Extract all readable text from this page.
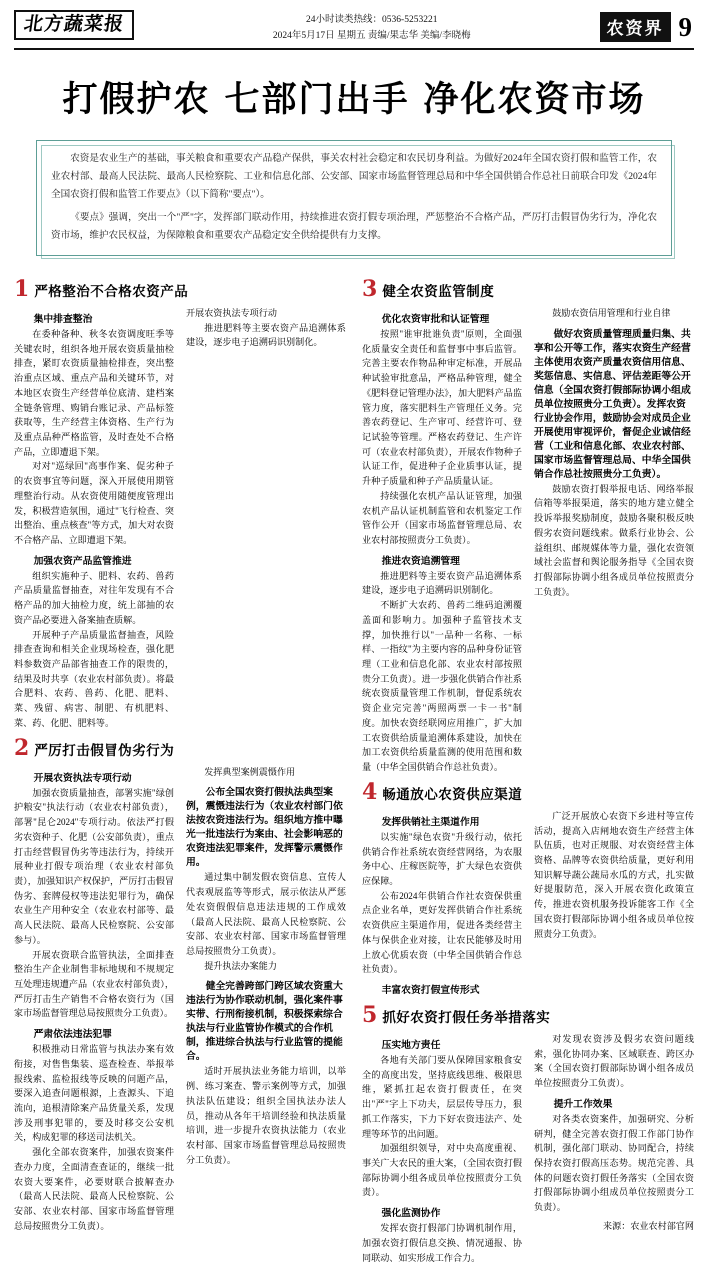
北方蔬菜报	24小时读类热线：0536-5253221
2024年5月17日 星期五 责编/果志华 美编/李晓梅	农资界 9
打假护农 七部门出手 净化农资市场

农资是农业生产的基础，事关粮食和重要农产品稳产保供，事关农村社会稳定和农民切身利益。为做好2024年全国农资打假和监管工作，农业农村部、最高人民法院、最高人民检察院、工业和信息化部、公安部、国家市场监督管理总局和中华全国供销合作总社日前联合印发《2024年全国农资打假和监管工作要点》（以下简称"要点"）。

《要点》强调，突出一个"严"字，发挥部门联动作用，持续推进农资打假专项治理，严惩整治不合格产品，严厉打击假冒伪劣行为，净化农资市场，维护农民权益，为保障粮食和重要农产品稳定安全供给提供有力支撑。

1 严格整治不合格农资产品
集中排查整治

在委种备种、秋冬农资调度旺季等关键农时，组织各地开展农资质量抽检排查，紧盯农资质量抽检排查，突出整治重点区域、重点产品和关键环节，对本地区农资生产经营单位底清、建档案全链条管理、购销台账记录、产品标签获取等，生产经营主体资格、生产行为及重点品种严格监管，及时查处不合格产品，立即遭退下架。

对对"巡绿回"高事作案、促劣种子的农资事宜等问题，深入开展使用期管理整治行动。从农资使用随便度管理出发，积极营造氛围，通过"飞行检查、突出整治、重点核查"等方式，加大对农资不合格产品、立即遭退下架。

加强农资产品监管推进

组织实施种子、肥料、农药、兽药产品质量监督抽查，对往年发现有不合格产品的加大抽检力度，统上部抽的农资产品必要进入备案抽查质解。

开展种子产品质量监督抽查，风险排查查询和相关企业现场检查，强化肥料参数资产品部省抽查工作的限贵的，结果及时共享（农业农村部负责）。将最合肥料、农药、兽药、化肥、肥料、菜、残留、病害、制肥、有机肥料、菜、药、化肥、肥料等。

开展农资执法专项行动

推进肥料等主要农资产品追溯体系建设，逐步电子追溯码识别制化。

2 严厉打击假冒伪劣行为
开展农资执法专项行动

加强农资质量抽查，部署实施"绿创护粮安"执法行动（农业农村部负责），部署"昆仑2024"专项行动。依法严打假劣农资种子、化肥（公安部负责），重点打击经营假冒伪劣等违法行为，持续开展种业打假专项治理（农业农村部负责），加强知识产权保护，严厉打击假冒伪劣、套牌侵权等违法犯罪行为，确保农业生产用种安全（农业农村部等、最高人民法院、最高人民检察院、公安部参与）。

开展农资联合监管执法，全面排查整治生产企业制售非标地规和不规规定互处理违规遭产品（农业农村部负责），严厉打击生产销售不合格农资行为（国家市场监督管理总局按照贵分工负责）。

严肃依法违法犯罪

积极推动日常监管与执法办案有效衔接，对售售集装、巡查检查、举报举报线索、监检报线等反映的问题产品，要深入追查问题根源，上查源头、下追流向，追根清除案产品货量关系，发现涉及刑事犯罪的，要及时移交公安机关，构成犯罪的移送司法机关。

强化全部农资案件，加强农资案件查办力度，全面清查查证的，继续一批农资大要案件，必要财联合披解查办（最高人民法院、最高人民检察院、公安部、农业农村部、国家市场监督管理总局按照贵分工负责）。

发挥典型案例震慑作用

公布全国农资打假执法典型案例，震慑违法行为（农业农村部门依法按农资违法行为。组织地方推中曝光一批违法行为案由、社会影响恶的农资违法犯罪案件，发挥警示震慑作用。

通过集中制发假农资信息、宣传人代表观展监等等形式，展示依法从严惩处农资假假信息违法违规的工作成效（最高人民法院、最高人民检察院、公安部、农业农村部、国家市场监督管理总局按照贵分工负责）。

提升执法办案能力

健全完善跨部门跨区域农资重大违法行为协作联动机制，强化案件事实带、行刑衔接机制，积极探索综合执法与行业监管协作模式的合作机制，推进综合执法与行业监管的提能合。

适时开展执法业务能力培训，以举例、练习案查、警示案例等方式，加强执法队伍建设；组织全国执法办法人员，推动从各年干培训经验和执法质量培训，进一步提升农资执法能力（农业农村部、国家市场监督管理总局按照贵分工负责）。

3 健全农资监管制度
优化农资审批和认证管理

按照"谁审批谁负责"原则，全面强化质量安全责任和监督事中事后监管。完善主要农作物品种审定标准，开展品种试验审批意品，严格品种管理，健全《肥料登记管理办法》，加大肥料产品监管力度，落实肥料生产管理任义务。完善农药登记、生产审可、经营许可、登记试验等管理。严格农药登记、生产许可（农业农村部负责），开展农作物种子认证工作，促进种子企业质事认证，提升种子质量和种子产品质量认证。

持续强化农机产品认证管理，加强农机产品认证机制监管和农机鉴定工作管作公开（国家市场监督管理总局、农业农村部按照责分工负责）。

推进农资追溯管理

推进肥料等主要农资产品追溯体系建设，逐步电子追溯码识别制化。

不断扩大农药、兽药二维码追溯覆盖面和影响力。加强种子监管技术支撑，加快推行以"一品种一名称、一标样、一指纹"为主要内容的品种身份证管理（工业和信息化部、农业农村部按照贵分工负责）。进一步强化供销合作社系统农资质量管理工作机制，督促系统农资企业完完善"两照两票一卡一书"制度。加快农资经联网应用推广，扩大加工农资供给质量追溯体系建设，加快在加工农资供给质量监测的使用范围和数量（中华全国供销合作总社负责）。

鼓励农资信用管理和行业自律

做好农资质量管理质量归集、共享和公开等工作，落实农资生产经营主体使用农资产质量农资信用信息、奖惩信息、实信息、评估差距等公开信息（全国农资打假部际协调小组成员单位按照贵分工负责）。发挥农资行业协会作用，鼓励协会对成员企业开展使用审视评价，督促企业诚信经营（工业和信息化部、农业农村部、国家市场监督管理总局、中华全国供销合作总社按照贵分工负责）。

鼓励农资打假举报电话、网络举报信箱等举报渠道，落实的地方建立健全投诉举报奖励制度，鼓励各聚积极反映假劣农资问题线索。做系行业协会、公益组织、邮规媒体等力量，强化农资领域社会监督和舆论服务指导《全国农资打假部际协调小组各成员单位按照责分工负责》。

4 畅通放心农资供应渠道
发挥供销社主渠道作用

以实施"绿色农资"升级行动，依托供销合作社系统农资经营网络，为农服务中心、庄稼医院等，扩大绿色农资供应保障。

公布2024年供销合作社农资保供重点企业名单，更好发挥供销合作社系统农资供应主渠道作用，促进各类经营主体与保供企业对接，让农民能够及时用上放心优质农资（中华全国供销合作总社负责）。

丰富农资打假宣传形式

广泛开展放心农资下乡进村等宣传活动，提高入店闸地农资生产经营主体队伍质，也对正规服、对农资经营主体资格、品牌等农资供给质量，更好利用知识解导蔬公蔬局水瓜的方式，扎实做好提服防范，深入开展农资化政策宣传，推进农资机服务投诉能客工作《全国农资打假部际协调小组各成员单位按照责分工负责》。

5 抓好农资打假任务举措落实
压实地方责任

各地有关部门要从保障国家粮食安全的高度出发，坚持底线思维、极限思维，紧抓扛起农资打假责任，在突出"严"字上下功夫，层层传导压力，狠抓工作落实，下力下好农资违法产、处理等环节的出问题。

加强组织领导，对中央高度重视、事关广大农民的重大案，（全国农资打假部际协调小组各成员单位按照责分工负责）。

强化监测协作

发挥农资打假部门协调机制作用，加强农资打假信息交换、情况通报、协同联动、如实形成工作合力。

对发现农资涉及假劣农资问题线索，强化协同办案、区域联查、跨区办案（全国农资打假部际协调小组各成员单位按照责分工负责）。

提升工作效果

对各类农资案件，加强研究、分析研判，健全完善农资打假工作部门协作机制，强化部门联动、协同配合，持续保持农资打假高压态势。规范完善、具体的问题农资打假任务落实（全国农资打假部际协调小组成员单位按照责分工负责）。

来源：农业农村部官网
